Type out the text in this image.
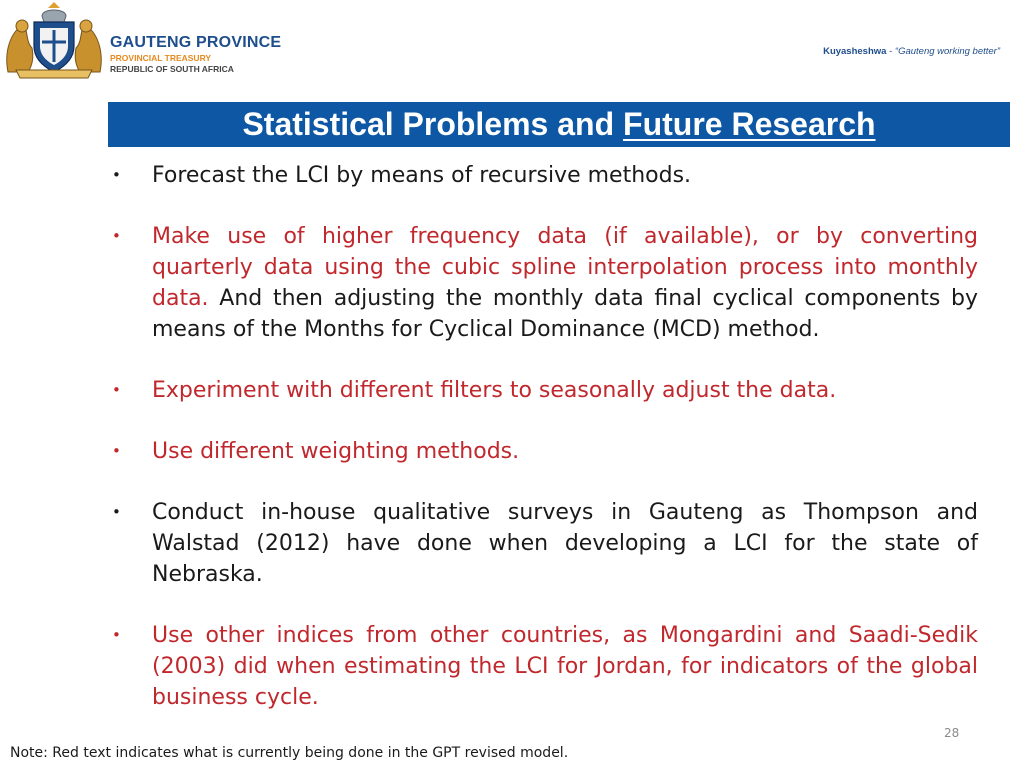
GAUTENG PROVINCE
PROVINCIAL TREASURY
REPUBLIC OF SOUTH AFRICA
Kuyasheshwa - “Gauteng working better”
Statistical Problems and Future Research
• Forecast the LCI by means of recursive methods.
• Make use of higher frequency data (if available), or by converting quarterly data using the cubic spline interpolation process into monthly data. And then adjusting the monthly data final cyclical components by means of the Months for Cyclical Dominance (MCD) method.
• Experiment with different filters to seasonally adjust the data.
• Use different weighting methods.
• Conduct in-house qualitative surveys in Gauteng as Thompson and Walstad (2012) have done when developing a LCI for the state of Nebraska.
• Use other indices from other countries, as Mongardini and Saadi-Sedik (2003) did when estimating the LCI for Jordan, for indicators of the global business cycle.
28
Note: Red text indicates what is currently being done in the GPT revised model.
